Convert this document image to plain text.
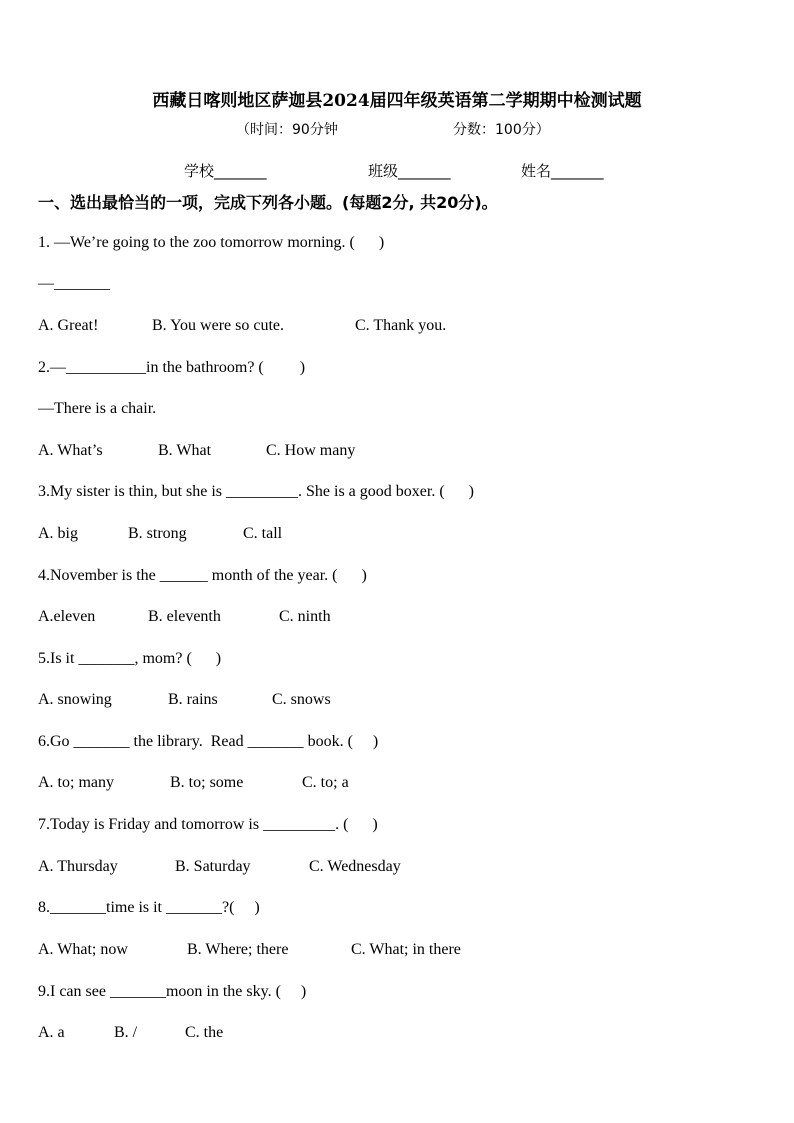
西藏日喀则地区萨迦县2024届四年级英语第二学期期中检测试题
（时间：90分钟	分数：100分）
学校_______	班级_______	姓名_______
一、选出最恰当的一项，完成下列各小题。(每题2分, 共20分)。
1. —We’re going to the zoo tomorrow morning. (      )
—_______
A. Great!	B. You were so cute.	C. Thank you.
2.—__________in the bathroom? (         )
—There is a chair.
A. What’s	B. What	C. How many
3.My sister is thin, but she is _________. She is a good boxer. (      )
A. big	B. strong	C. tall
4.November is the ______ month of the year. (      )
A.eleven	B. eleventh	C. ninth
5.Is it _______, mom? (      )
A. snowing	B. rains	C. snows
6.Go _______ the library.  Read _______ book. (     )
A. to; many	B. to; some	C. to; a
7.Today is Friday and tomorrow is _________. (      )
A. Thursday	B. Saturday	C. Wednesday
8._______time is it _______?(     )
A. What; now	B. Where; there	C. What; in there
9.I can see _______moon in the sky. (     )
A. a	B. /	C. the
